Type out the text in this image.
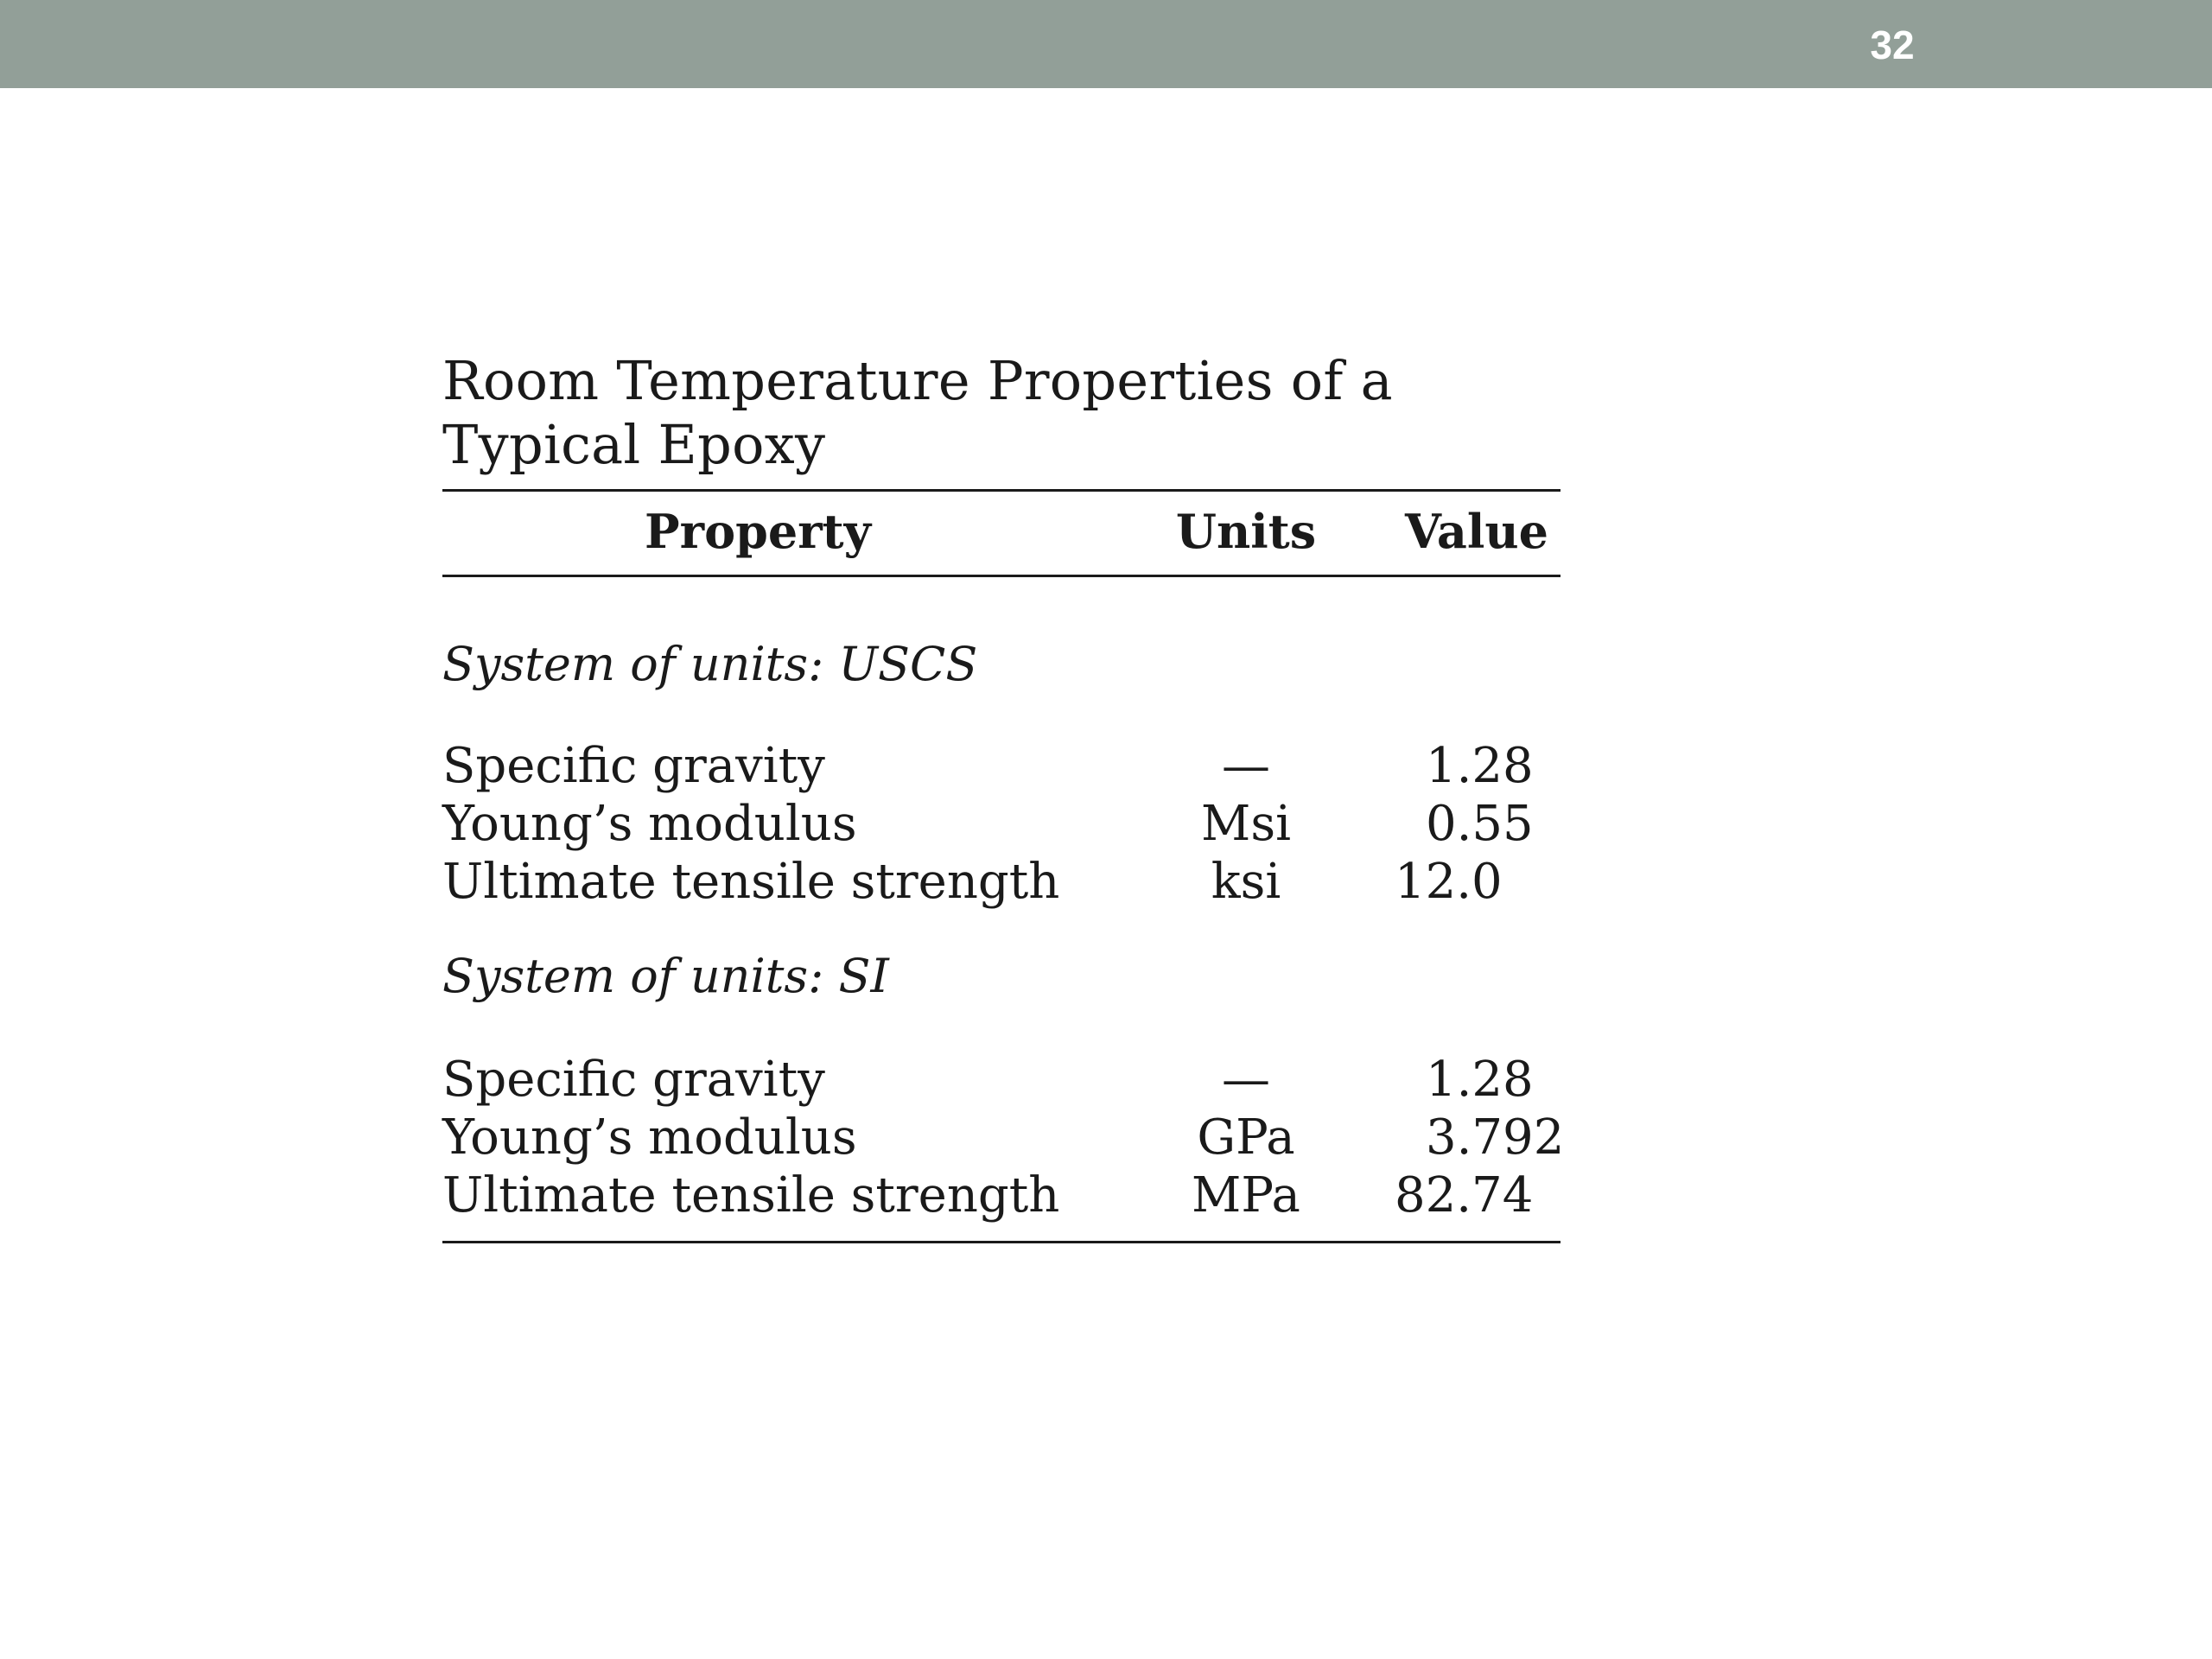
32

Room Temperature Properties of a
Typical Epoxy

Property	Units	Value
System of units: USCS
Specific gravity	—	1.28
Young’s modulus	Msi	0.55
Ultimate tensile strength	ksi	12.0
System of units: SI
Specific gravity	—	1.28
Young’s modulus	GPa	3.792
Ultimate tensile strength	MPa	82.74
